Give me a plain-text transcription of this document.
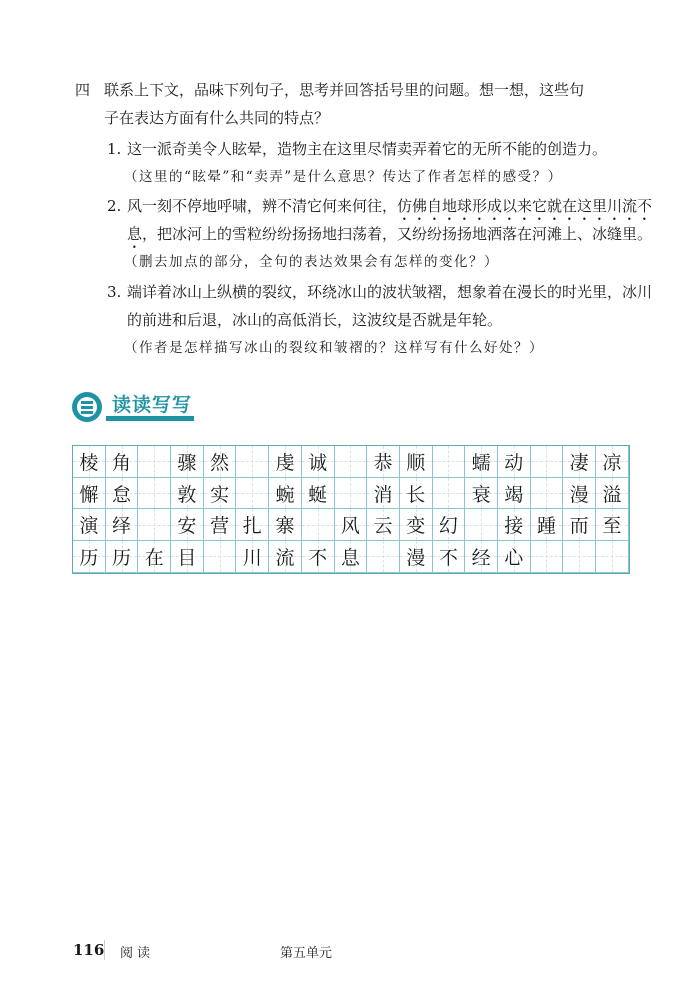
四 联系上下文，品味下列句子，思考并回答括号里的问题。想一想，这些句
子在表达方面有什么共同的特点？
1. 这一派奇美令人眩晕，造物主在这里尽情卖弄着它的无所不能的创造力。
（这里的“眩晕”和“卖弄”是什么意思？传达了作者怎样的感受？）
2. 风一刻不停地呼啸，辨不清它何来何往，仿佛自地球形成以来它就在这里川流不
息，把冰河上的雪粒纷纷扬扬地扫荡着，又纷纷扬扬地洒落在河滩上、冰缝里。
（删去加点的部分，全句的表达效果会有怎样的变化？）
3. 端详着冰山上纵横的裂纹，环绕冰山的波状皱褶，想象着在漫长的时光里，冰川
的前进和后退，冰山的高低消长，这波纹是否就是年轮。
（作者是怎样描写冰山的裂纹和皱褶的？这样写有什么好处？）
读读写写
棱 角 骤 然 虔 诚 恭 顺 蠕 动 凄 凉
懈 怠 敦 实 蜿 蜒 消 长 衰 竭 漫 溢
演 绎 安 营 扎 寨 风 云 变 幻 接 踵 而 至
历 历 在 目 川 流 不 息 漫 不 经 心
116 阅读	第五单元
